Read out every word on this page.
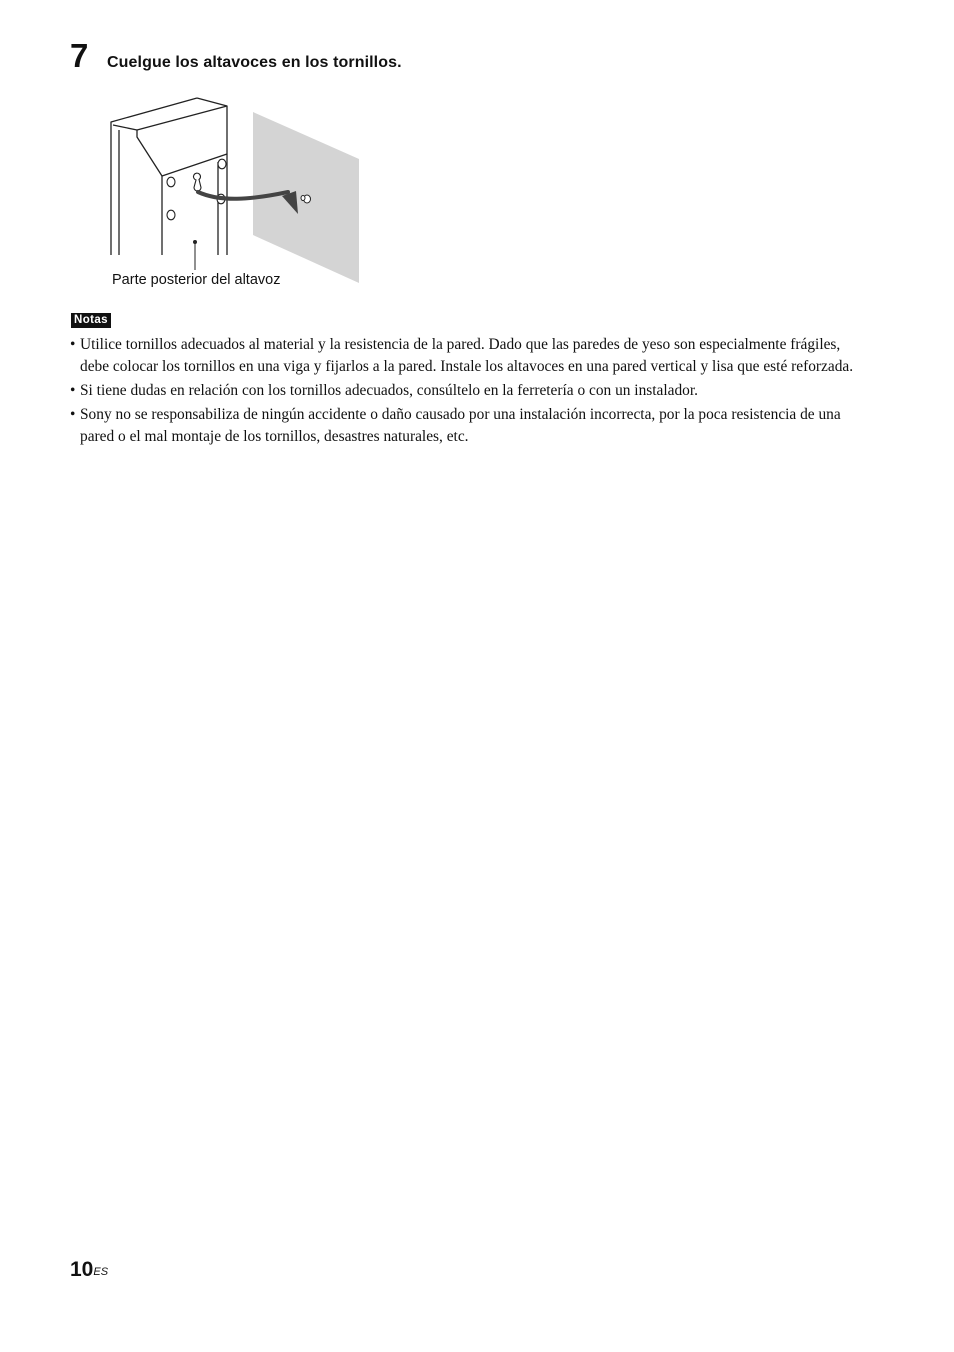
7 Cuelgue los altavoces en los tornillos.
Parte posterior del altavoz
Notas
• Utilice tornillos adecuados al material y la resistencia de la pared. Dado que las paredes de yeso son especialmente frágiles, debe colocar los tornillos en una viga y fijarlos a la pared. Instale los altavoces en una pared vertical y lisa que esté reforzada.
• Si tiene dudas en relación con los tornillos adecuados, consúltelo en la ferretería o con un instalador.
• Sony no se responsabiliza de ningún accidente o daño causado por una instalación incorrecta, por la poca resistencia de una pared o el mal montaje de los tornillos, desastres naturales, etc.
$10^{ES}$
